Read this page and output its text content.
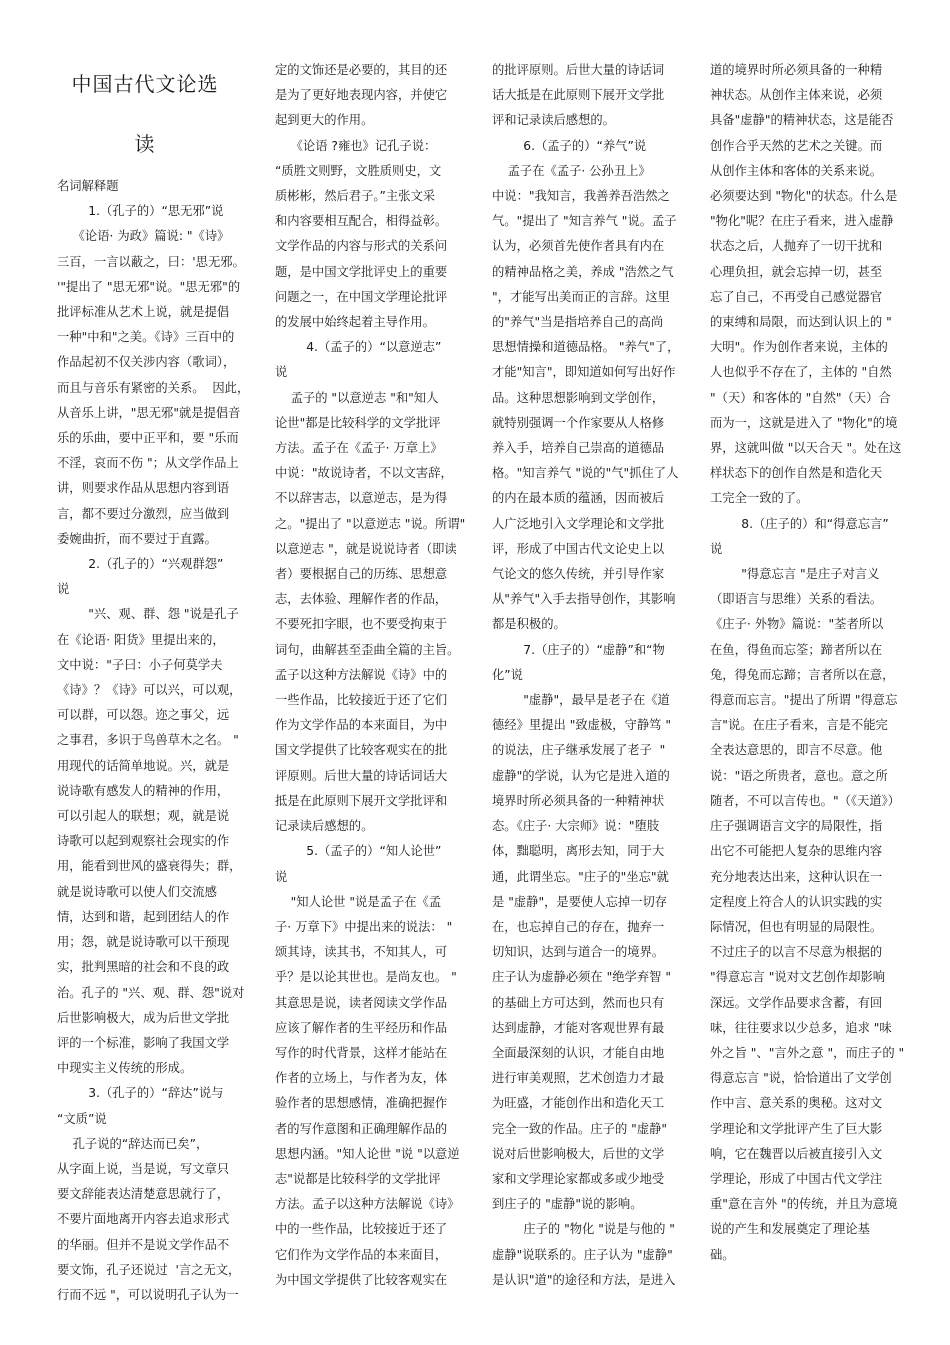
中国古代文论选
读
名词解释题
1.（孔子的）“思无邪”说
《论语· 为政》篇说: "《诗》
三百，一言以蔽之，曰：'思无邪。
'"提出了 "思无邪"说。"思无邪"的
批评标准从艺术上说，就是提倡
一种"中和"之美。《诗》三百中的
作品起初不仅关涉内容（歌词），
而且与音乐有紧密的关系。  因此，
从音乐上讲，"思无邪"就是提倡音
乐的乐曲，要中正平和，要 "乐而
不淫，哀而不伤 "；从文学作品上
讲，则要求作品从思想内容到语
言，都不要过分激烈，应当做到
委婉曲折，而不要过于直露。
2.（孔子的）“兴观群怨”
说
"兴、观、群、怨 "说是孔子
在《论语· 阳货》里提出来的，
文中说："子曰：小子何莫学夫
《诗》？《诗》可以兴，可以观，
可以群，可以怨。迩之事父，远
之事君，多识于鸟兽草木之名。 "
用现代的话简单地说。兴，就是
说诗歌有感发人的精神的作用，
可以引起人的联想；观，就是说
诗歌可以起到观察社会现实的作
用，能看到世风的盛衰得失；群，
就是说诗歌可以使人们交流感
情，达到和谐，起到团结人的作
用；怨，就是说诗歌可以干预现
实，批判黑暗的社会和不良的政
治。孔子的 "兴、观、群、怨"说对
后世影响极大，成为后世文学批
评的一个标准，影响了我国文学
中现实主义传统的形成。
3.（孔子的）“辞达”说与
“文质”说
孔子说的“辞达而已矣”，
从字面上说，当是说，写文章只
要文辞能表达清楚意思就行了，
不要片面地离开内容去追求形式
的华丽。但并不是说文学作品不
要文饰，孔子还说过  '言之无文，
行而不远 "，可以说明孔子认为一
定的文饰还是必要的，其目的还
是为了更好地表现内容，并使它
起到更大的作用。
《论语 ?雍也》记孔子说：
“质胜文则野，文胜质则史，文
质彬彬，然后君子。”主张文采
和内容要相互配合，相得益彰。
文学作品的内容与形式的关系问
题，是中国文学批评史上的重要
问题之一，在中国文学理论批评
的发展中始终起着主导作用。
4.（孟子的）“以意逆志”
说
孟子的 "以意逆志 "和"知人
论世"都是比较科学的文学批评
方法。孟子在《孟子· 万章上》
中说："故说诗者，不以文害辞，
不以辞害志，以意逆志，是为得
之。"提出了 "以意逆志 "说。所谓"
以意逆志 "，就是说说诗者（即读
者）要根据自己的历练、思想意
志，去体验、理解作者的作品，
不要死扣字眼，也不要受拘束于
词句，曲解甚至歪曲全篇的主旨。
孟子以这种方法解说《诗》中的
一些作品，比较接近于还了它们
作为文学作品的本来面目，为中
国文学提供了比较客观实在的批
评原则。后世大量的诗话词话大
抵是在此原则下展开文学批评和
记录读后感想的。
5.（孟子的）“知人论世”
说
"知人论世 "说是孟子在《孟
子· 万章下》中提出来的说法： "
颂其诗，读其书，不知其人，可
乎？是以论其世也。是尚友也。 "
其意思是说，读者阅读文学作品
应该了解作者的生平经历和作品
写作的时代背景，这样才能站在
作者的立场上，与作者为友，体
验作者的思想感情，准确把握作
者的写作意图和正确理解作品的
思想内涵。"知人论世 "说 "以意逆
志"说都是比较科学的文学批评
方法。孟子以这种方法解说《诗》
中的一些作品，比较接近于还了
它们作为文学作品的本来面目，
为中国文学提供了比较客观实在
的批评原则。后世大量的诗话词
话大抵是在此原则下展开文学批
评和记录读后感想的。
6.（孟子的）“养气”说
孟子在《孟子· 公孙丑上》
中说："我知言，我善养吾浩然之
气。"提出了 "知言养气 "说。孟子
认为，必须首先使作者具有内在
的精神品格之美，养成 "浩然之气
"，才能写出美而正的言辞。这里
的"养气"当是指培养自己的高尚
思想情操和道德品格。 "养气"了，
才能"知言"，即知道如何写出好作
品。这种思想影响到文学创作，
就特别强调一个作家要从人格修
养入手，培养自己崇高的道德品
格。"知言养气 "说的"气"抓住了人
的内在最本质的蕴涵，因而被后
人广泛地引入文学理论和文学批
评，形成了中国古代文论史上以
气论文的悠久传统，并引导作家
从"养气"入手去指导创作，其影响
都是积极的。
7.（庄子的）“虚静”和“物
化”说
"虚静"，最早是老子在《道
德经》里提出 "致虚极，守静笃 "
的说法，庄子继承发展了老子  "
虚静"的学说，认为它是进入道的
境界时所必须具备的一种精神状
态。《庄子· 大宗师》说："堕肢
体，黜聪明，离形去知，同于大
通，此谓坐忘。"庄子的"坐忘"就
是 "虚静"，是要使人忘掉一切存
在，也忘掉自己的存在，抛弃一
切知识，达到与道合一的境界。
庄子认为虚静必须在 "绝学弃智 "
的基础上方可达到，然而也只有
达到虚静，才能对客观世界有最
全面最深刻的认识，才能自由地
进行审美观照，艺术创造力才最
为旺盛，才能创作出和造化天工
完全一致的作品。庄子的 "虚静"
说对后世影响极大，后世的文学
家和文学理论家都或多或少地受
到庄子的 "虚静"说的影响。
庄子的 "物化 "说是与他的 "
虚静"说联系的。庄子认为 "虚静"
是认识"道"的途径和方法，是进入
道的境界时所必须具备的一种精
神状态。从创作主体来说，必须
具备"虚静"的精神状态，这是能否
创作合乎天然的艺术之关键。而
从创作主体和客体的关系来说。
必须要达到 "物化"的状态。什么是
"物化"呢？在庄子看来，进入虚静
状态之后，人抛弃了一切干扰和
心理负担，就会忘掉一切，甚至
忘了自己，不再受自己感觉器官
的束缚和局限，而达到认识上的 "
大明"。作为创作者来说，主体的
人也似乎不存在了，主体的 "自然
"（天）和客体的 "自然"（天）合
而为一，这就是进入了 "物化"的境
界，这就叫做 "以天合天 "。处在这
样状态下的创作自然是和造化天
工完全一致的了。
8.（庄子的）和“得意忘言”
说
"得意忘言 "是庄子对言义
（即语言与思维）关系的看法。
《庄子· 外物》篇说："荃者所以
在鱼，得鱼而忘筌；蹄者所以在
兔，得兔而忘蹄；言者所以在意，
得意而忘言。"提出了所谓 "得意忘
言"说。在庄子看来，言是不能完
全表达意思的，即言不尽意。他
说："语之所贵者，意也。意之所
随者，不可以言传也。"（《天道》）
庄子强调语言文字的局限性，指
出它不可能把人复杂的思维内容
充分地表达出来，这种认识在一
定程度上符合人的认识实践的实
际情况，但也有明显的局限性。
不过庄子的以言不尽意为根据的
"得意忘言 "说对文艺创作却影响
深远。文学作品要求含蓄，有回
味，往往要求以少总多，追求 "味
外之旨 "、"言外之意 "，而庄子的 "
得意忘言 "说，恰恰道出了文学创
作中言、意关系的奥秘。这对文
学理论和文学批评产生了巨大影
响，它在魏晋以后被直接引入文
学理论，形成了中国古代文学注
重"意在言外 "的传统，并且为意境
说的产生和发展奠定了理论基
础。
